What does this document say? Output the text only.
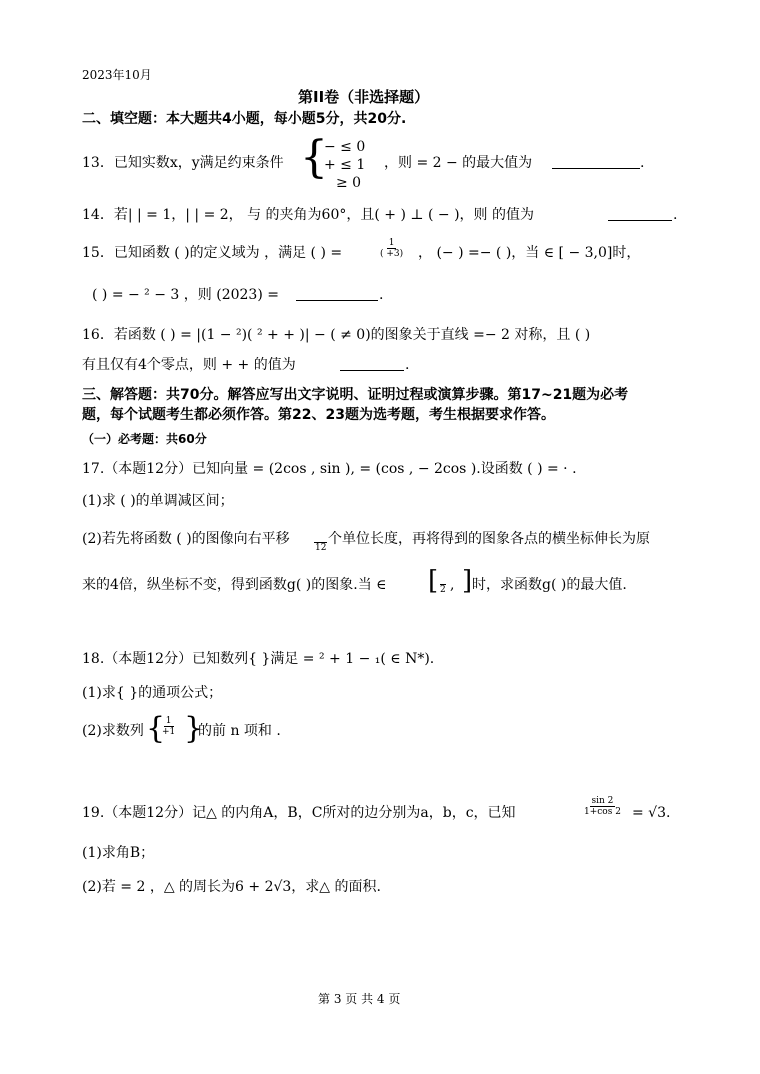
2023年10月
第II卷（非选择题）
二、填空题：本大题共4小题，每小题5分，共20分.
13．已知实数x，y满足约束条件 {
− ≤ 0
+ ≤ 1
≥ 0
，则 = 2 − 的最大值为	.
14．若| | = 1，| | = 2， 与 的夹角为60°，且( + ) ⊥ ( − )，则 的值为	.
15．已知函数 ( )的定义域为 ，满足 ( ) =	$\frac{1}{( +3)}$ ， (− ) =− ( )，当 ∈ [ − 3,0]时，
( ) = − ² − 3 ，则 (2023) =	.
16．若函数 ( ) = |(1 − ²)( ² + + )| − ( ≠ 0)的图象关于直线 =− 2 对称，且 ( )
有且仅有4个零点，则 + + 的值为	.
三、解答题：共70分。解答应写出文字说明、证明过程或演算步骤。第17~21题为必考
题，每个试题考生都必须作答。第22、23题为选考题，考生根据要求作答。
（一）必考题：共60分
17.（本题12分）已知向量 = (2cos , sin ), = (cos , − 2cos ).设函数 ( ) = · .
(1)求 ( )的单调减区间；
(2)若先将函数 ( )的图像向右平移
12
个单位长度，再将得到的图象各点的横坐标伸长为原
来的4倍，纵坐标不变，得到函数g( )的图象.当 ∈ [ 2 , ] 时，求函数g( )的最大值.
18.（本题12分）已知数列{ }满足 = ² + 1 − ₁( ∈ N*).
(1)求{ }的通项公式；
(2)求数列 {
$\frac{1}{+1}$ }
的前 n 项和 .
19.（本题12分）记△ 的内角A，B，C所对的边分别为a，b，c，已知	$\frac{\sin 2}{1+\cos 2} = √3$.
(1)求角B；
(2)若 = 2 ，△ 的周长为6 + 2√3，求△ 的面积.
第 3 页 共 4 页
